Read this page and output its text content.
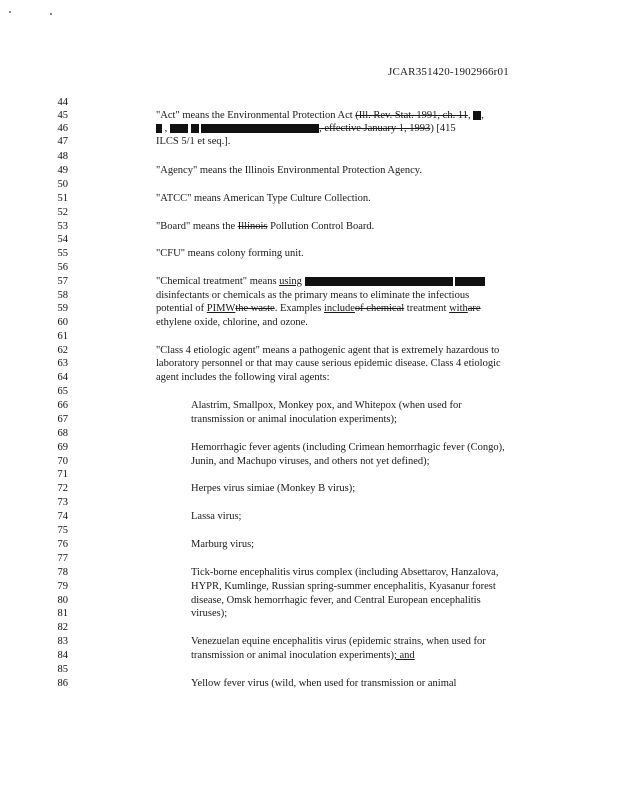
JCAR351420-1902966r01
44
45
46
47
48
49
50
51
52
53
54
55
56
57
58
59
60
61
62
63
64
65
66
67
68
69
70
71
72
73
74
75
76
77
78
79
80
81
82
83
84
85
86
"Act" means the Environmental Protection Act (Ill. Rev. Stat. 1991, ch. 11, ,
,	, effective January 1, 1993) [415
ILCS 5/1 et seq.].
"Agency" means the Illinois Environmental Protection Agency.
"ATCC" means American Type Culture Collection.
"Board" means the Illinois Pollution Control Board.
"CFU" means colony forming unit.
"Chemical treatment" means using
disinfectants or chemicals as the primary means to eliminate the infectious
potential of PIMWthe waste. Examples includeof chemical treatment withare
ethylene oxide, chlorine, and ozone.
"Class 4 etiologic agent" means a pathogenic agent that is extremely hazardous to
laboratory personnel or that may cause serious epidemic disease. Class 4 etiologic
agent includes the following viral agents:
Alastrim, Smallpox, Monkey pox, and Whitepox (when used for
transmission or animal inoculation experiments);
Hemorrhagic fever agents (including Crimean hemorrhagic fever (Congo),
Junin, and Machupo viruses, and others not yet defined);
Herpes virus simiae (Monkey B virus);
Lassa virus;
Marburg virus;
Tick-borne encephalitis virus complex (including Absettarov, Hanzalova,
HYPR, Kumlinge, Russian spring-summer encephalitis, Kyasanur forest
disease, Omsk hemorrhagic fever, and Central European encephalitis
viruses);
Venezuelan equine encephalitis virus (epidemic strains, when used for
transmission or animal inoculation experiments); and
Yellow fever virus (wild, when used for transmission or animal
